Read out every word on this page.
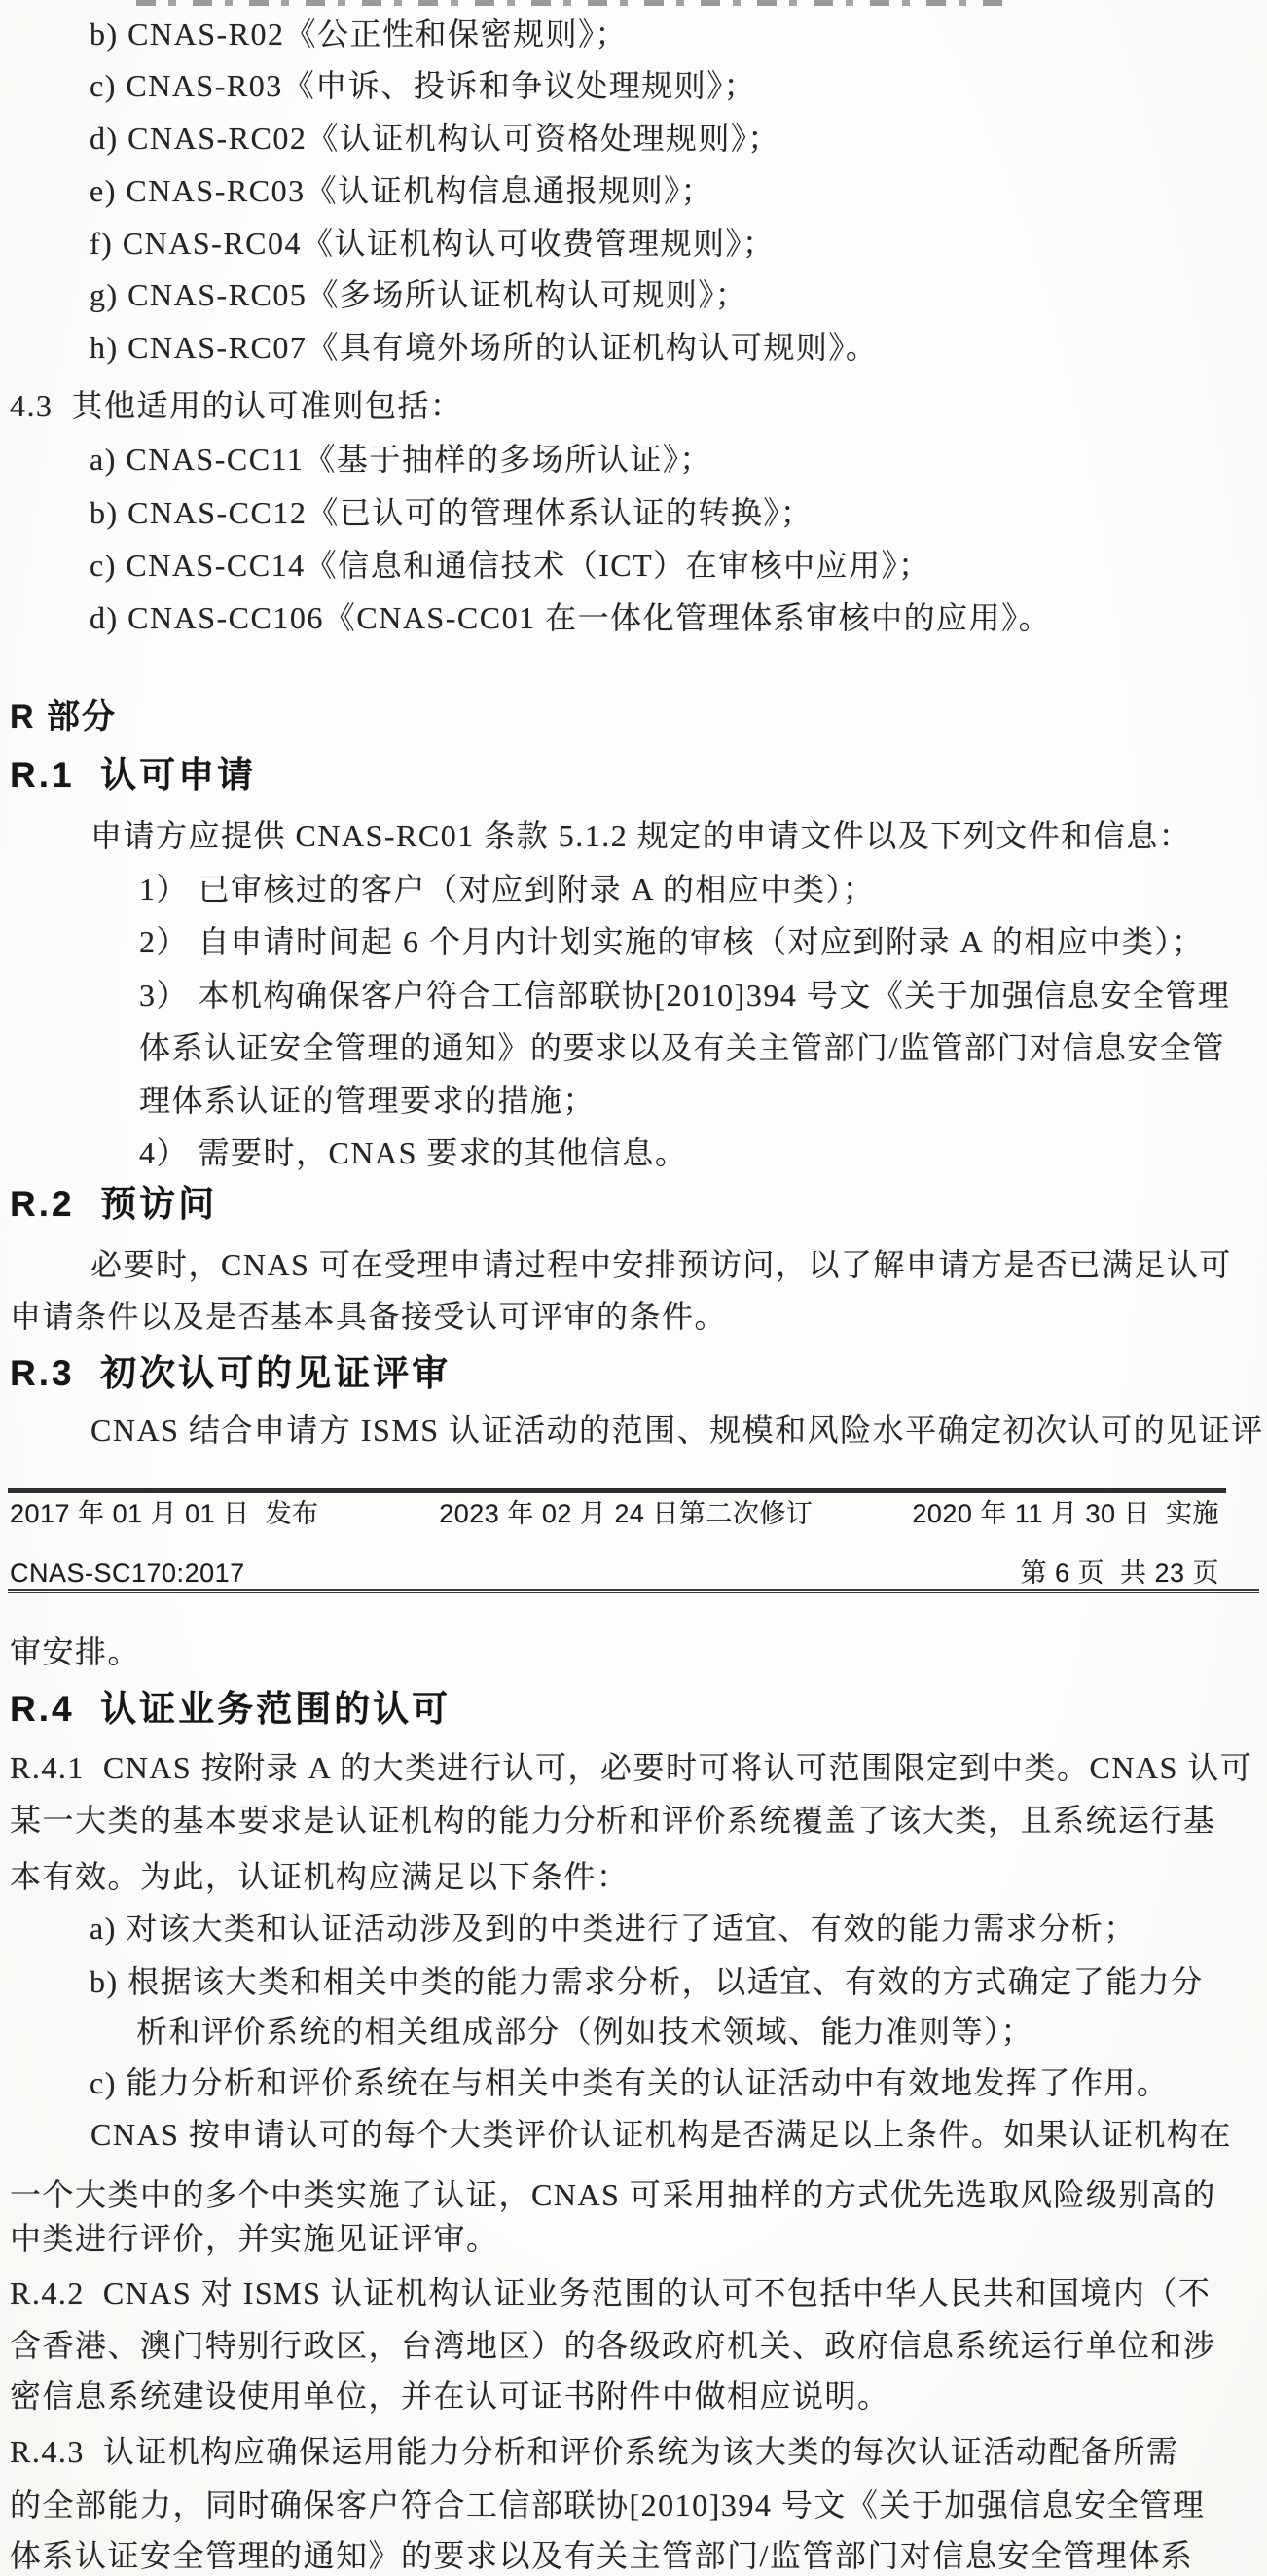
b) CNAS-R02《公正性和保密规则》；
c) CNAS-R03《申诉、投诉和争议处理规则》；
d) CNAS-RC02《认证机构认可资格处理规则》；
e) CNAS-RC03《认证机构信息通报规则》；
f) CNAS-RC04《认证机构认可收费管理规则》；
g) CNAS-RC05《多场所认证机构认可规则》；
h) CNAS-RC07《具有境外场所的认证机构认可规则》。
4.3  其他适用的认可准则包括：
a) CNAS-CC11《基于抽样的多场所认证》；
b) CNAS-CC12《已认可的管理体系认证的转换》；
c) CNAS-CC14《信息和通信技术（ICT）在审核中应用》；
d) CNAS-CC106《CNAS-CC01 在一体化管理体系审核中的应用》。
R 部分
R.1  认可申请
申请方应提供 CNAS-RC01 条款 5.1.2 规定的申请文件以及下列文件和信息：
1） 已审核过的客户（对应到附录 A 的相应中类）；
2） 自申请时间起 6 个月内计划实施的审核（对应到附录 A 的相应中类）；
3） 本机构确保客户符合工信部联协[2010]394 号文《关于加强信息安全管理
体系认证安全管理的通知》的要求以及有关主管部门/监管部门对信息安全管
理体系认证的管理要求的措施；
4） 需要时，CNAS 要求的其他信息。
R.2  预访问
必要时，CNAS 可在受理申请过程中安排预访问，以了解申请方是否已满足认可
申请条件以及是否基本具备接受认可评审的条件。
R.3  初次认可的见证评审
CNAS 结合申请方 ISMS 认证活动的范围、规模和风险水平确定初次认可的见证评
2017 年 01 月 01 日  发布	2023 年 02 月 24 日第二次修订	2020 年 11 月 30 日  实施
CNAS-SC170:2017	第 6 页  共 23 页
审安排。
R.4  认证业务范围的认可
R.4.1  CNAS 按附录 A 的大类进行认可，必要时可将认可范围限定到中类。CNAS 认可
某一大类的基本要求是认证机构的能力分析和评价系统覆盖了该大类，且系统运行基
本有效。为此，认证机构应满足以下条件：
a) 对该大类和认证活动涉及到的中类进行了适宜、有效的能力需求分析；
b) 根据该大类和相关中类的能力需求分析，以适宜、有效的方式确定了能力分
析和评价系统的相关组成部分（例如技术领域、能力准则等）；
c) 能力分析和评价系统在与相关中类有关的认证活动中有效地发挥了作用。
CNAS 按申请认可的每个大类评价认证机构是否满足以上条件。如果认证机构在
一个大类中的多个中类实施了认证，CNAS 可采用抽样的方式优先选取风险级别高的
中类进行评价，并实施见证评审。
R.4.2  CNAS 对 ISMS 认证机构认证业务范围的认可不包括中华人民共和国境内（不
含香港、澳门特别行政区，台湾地区）的各级政府机关、政府信息系统运行单位和涉
密信息系统建设使用单位，并在认可证书附件中做相应说明。
R.4.3  认证机构应确保运用能力分析和评价系统为该大类的每次认证活动配备所需
的全部能力，同时确保客户符合工信部联协[2010]394 号文《关于加强信息安全管理
体系认证安全管理的通知》的要求以及有关主管部门/监管部门对信息安全管理体系
